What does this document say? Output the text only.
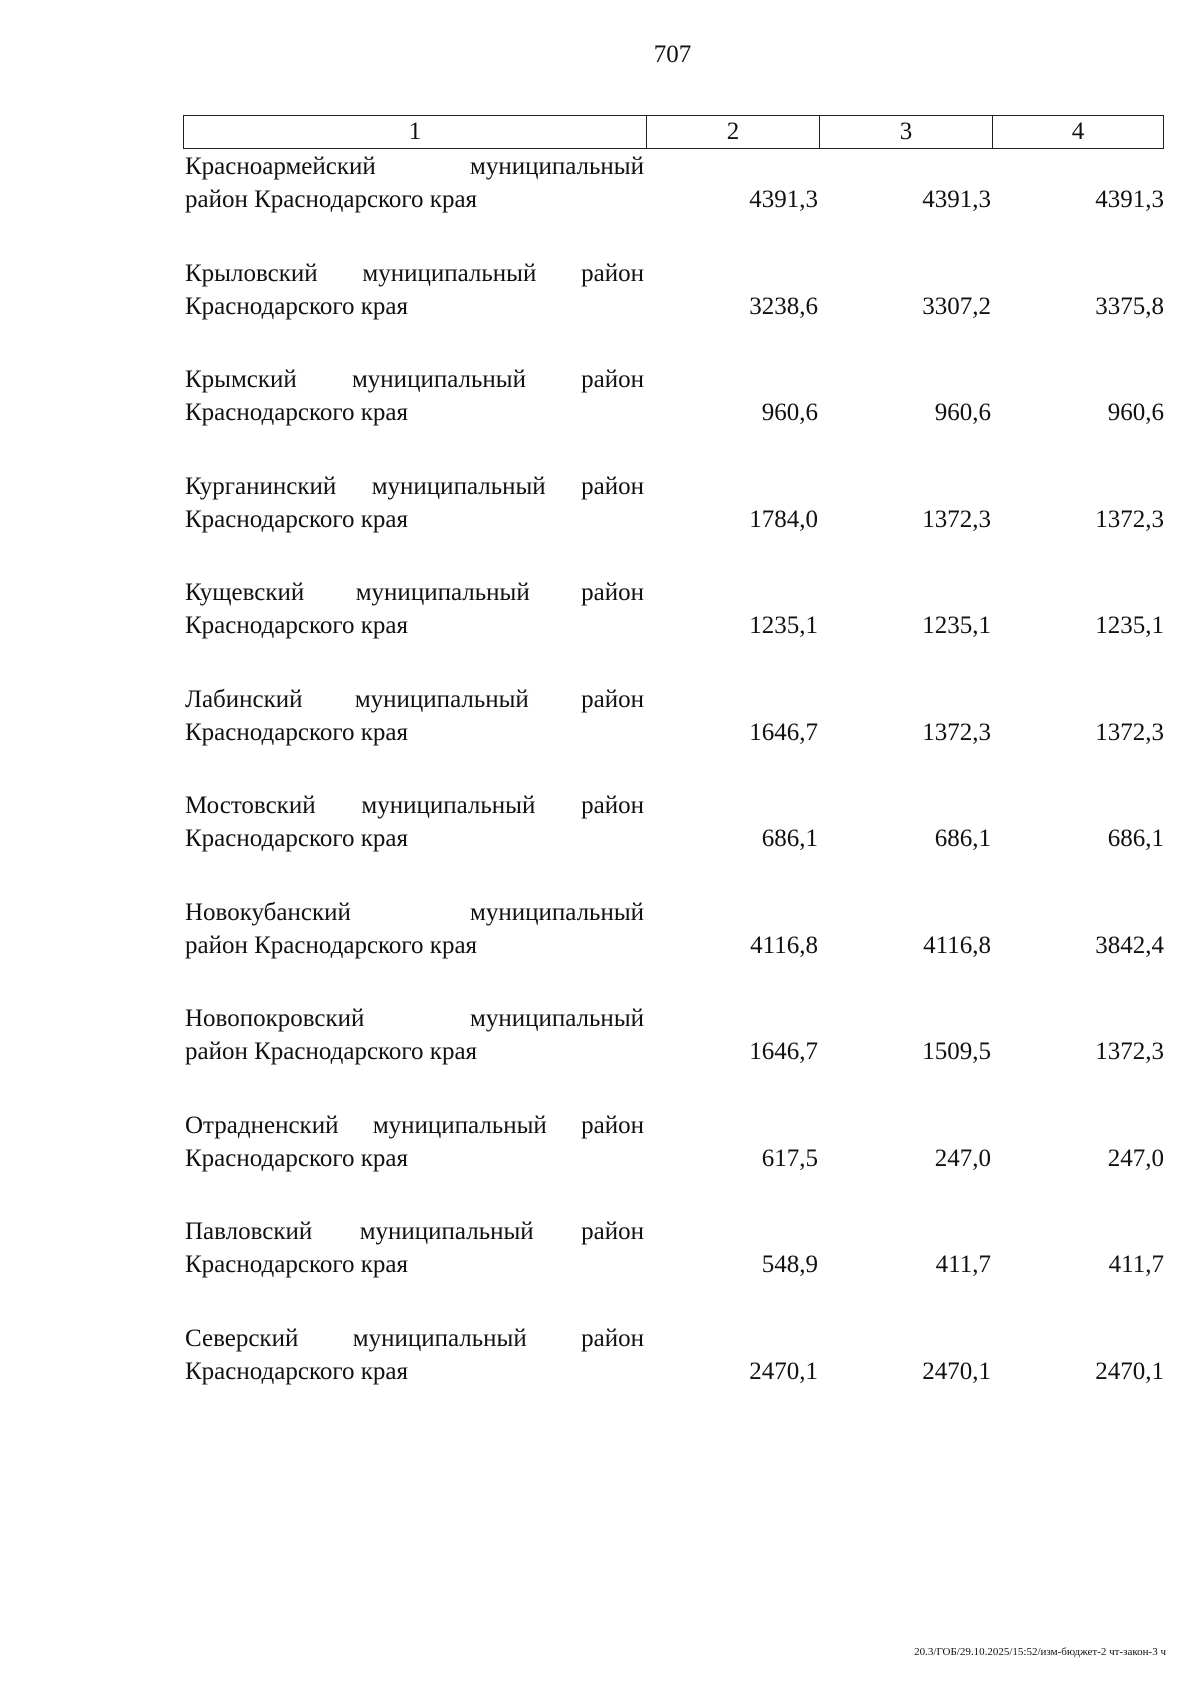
707
1	2	3	4
Красноармейский муниципальный
район Краснодарского края	4391,3	4391,3	4391,3
Крыловский муниципальный район
Краснодарского края	3238,6	3307,2	3375,8
Крымский муниципальный район
Краснодарского края	960,6	960,6	960,6
Курганинский муниципальный район
Краснодарского края	1784,0	1372,3	1372,3
Кущевский муниципальный район
Краснодарского края	1235,1	1235,1	1235,1
Лабинский муниципальный район
Краснодарского края	1646,7	1372,3	1372,3
Мостовский муниципальный район
Краснодарского края	686,1	686,1	686,1
Новокубанский муниципальный
район Краснодарского края	4116,8	4116,8	3842,4
Новопокровский муниципальный
район Краснодарского края	1646,7	1509,5	1372,3
Отрадненский муниципальный район
Краснодарского края	617,5	247,0	247,0
Павловский муниципальный район
Краснодарского края	548,9	411,7	411,7
Северский муниципальный район
Краснодарского края	2470,1	2470,1	2470,1
20.3/ГОБ/29.10.2025/15:52/изм-бюджет-2 чт-закон-3 ч
